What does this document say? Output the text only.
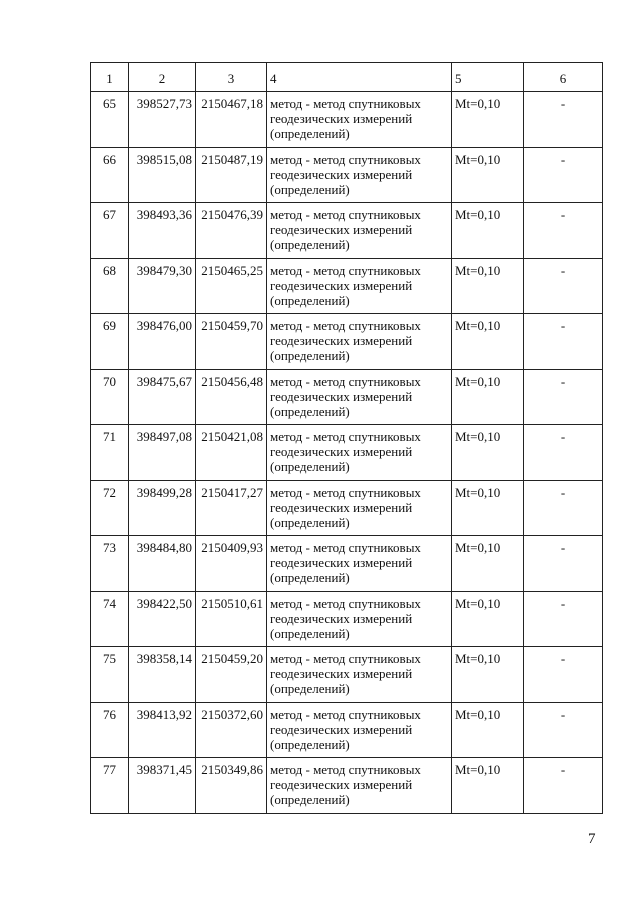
1	2	3	4	5	6
65	398527,73	2150467,18	метод - метод спутниковых геодезических измерений (определений)	Mt=0,10	-
66	398515,08	2150487,19	метод - метод спутниковых геодезических измерений (определений)	Mt=0,10	-
67	398493,36	2150476,39	метод - метод спутниковых геодезических измерений (определений)	Mt=0,10	-
68	398479,30	2150465,25	метод - метод спутниковых геодезических измерений (определений)	Mt=0,10	-
69	398476,00	2150459,70	метод - метод спутниковых геодезических измерений (определений)	Mt=0,10	-
70	398475,67	2150456,48	метод - метод спутниковых геодезических измерений (определений)	Mt=0,10	-
71	398497,08	2150421,08	метод - метод спутниковых геодезических измерений (определений)	Mt=0,10	-
72	398499,28	2150417,27	метод - метод спутниковых геодезических измерений (определений)	Mt=0,10	-
73	398484,80	2150409,93	метод - метод спутниковых геодезических измерений (определений)	Mt=0,10	-
74	398422,50	2150510,61	метод - метод спутниковых геодезических измерений (определений)	Mt=0,10	-
75	398358,14	2150459,20	метод - метод спутниковых геодезических измерений (определений)	Mt=0,10	-
76	398413,92	2150372,60	метод - метод спутниковых геодезических измерений (определений)	Mt=0,10	-
77	398371,45	2150349,86	метод - метод спутниковых геодезических измерений (определений)	Mt=0,10	-
7
